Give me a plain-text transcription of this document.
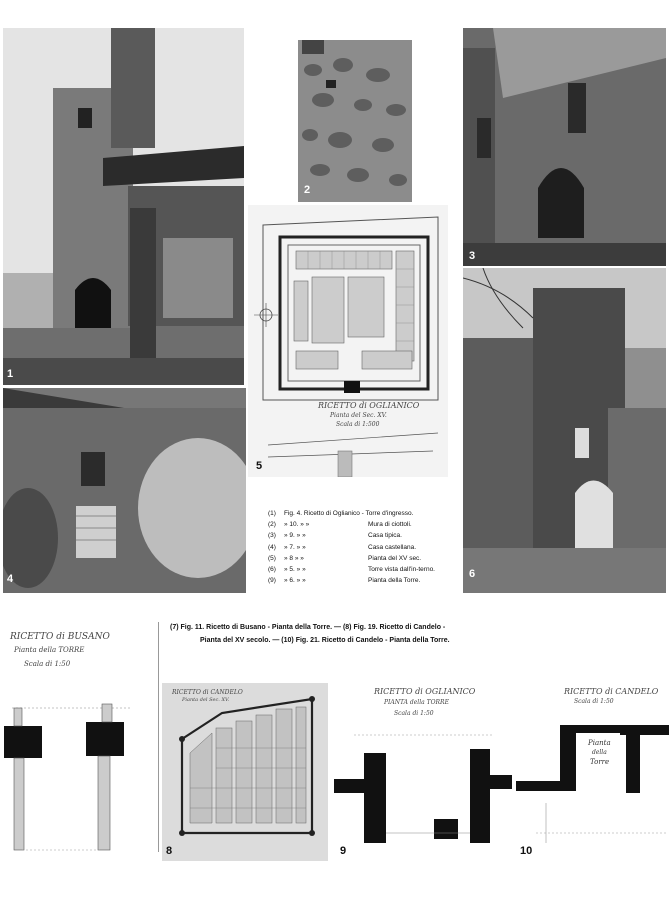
1
2
3
4
RICETTO di OGLIANICO
Pianta del Sec. XV.
Scala di 1:500
5
6
(1)	Fig. 4. Ricetto di Oglianico - Torre d'ingresso.
(2)	» 10. » »	Mura di ciottoli.
(3)	» 9. » »	Casa tipica.
(4)	» 7. » »	Casa castellana.
(5)	» 8 » »	Pianta del XV sec.
(6)	» 5. » »	Torre vista dall'in-terno.
(9)	» 6. » »	Pianta della Torre.
(7) Fig. 11. Ricetto di Busano - Pianta della Torre. — (8) Fig. 19. Ricetto di Candelo -
Pianta del XV secolo. — (10) Fig. 21. Ricetto di Candelo - Pianta della Torre.
RICETTO di BUSANO
Pianta della TORRE
Scala di 1:50
RICETTO di CANDELO
Pianta del Sec. XV.
8
RICETTO di OGLIANICO
PIANTA della TORRE
Scala di 1:50
9
RICETTO di CANDELO
Scala di 1:50
Pianta
della
Torre
10
